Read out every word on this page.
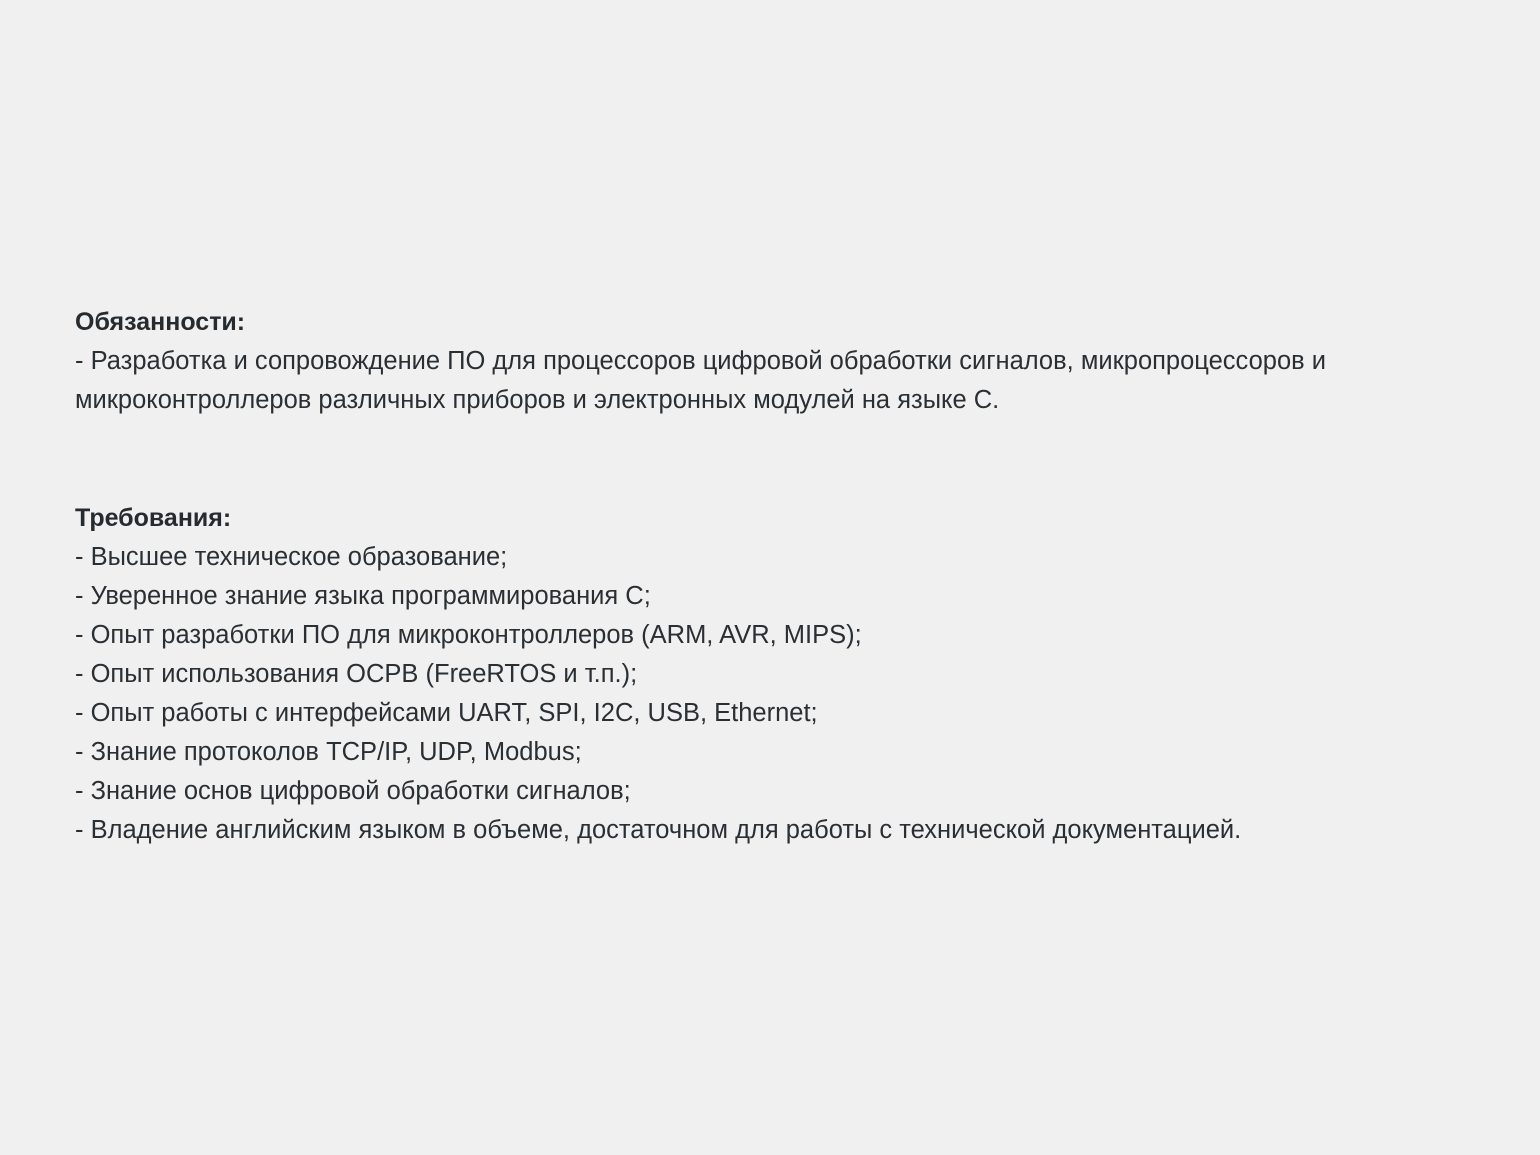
Обязанности:
- Разработка и сопровождение ПО для процессоров цифровой обработки сигналов, микропроцессоров и микроконтроллеров различных приборов и электронных модулей на языке С.
Требования:
- Высшее техническое образование;
- Уверенное знание языка программирования С;
- Опыт разработки ПО для микроконтроллеров (ARM, AVR, MIPS);
- Опыт использования ОСРВ (FreeRTOS и т.п.);
- Опыт работы с интерфейсами UART, SPI, I2C, USB, Ethernet;
- Знание протоколов TCP/IP, UDP, Modbus;
- Знание основ цифровой обработки сигналов;
- Владение английским языком в объеме, достаточном для работы с технической документацией.
